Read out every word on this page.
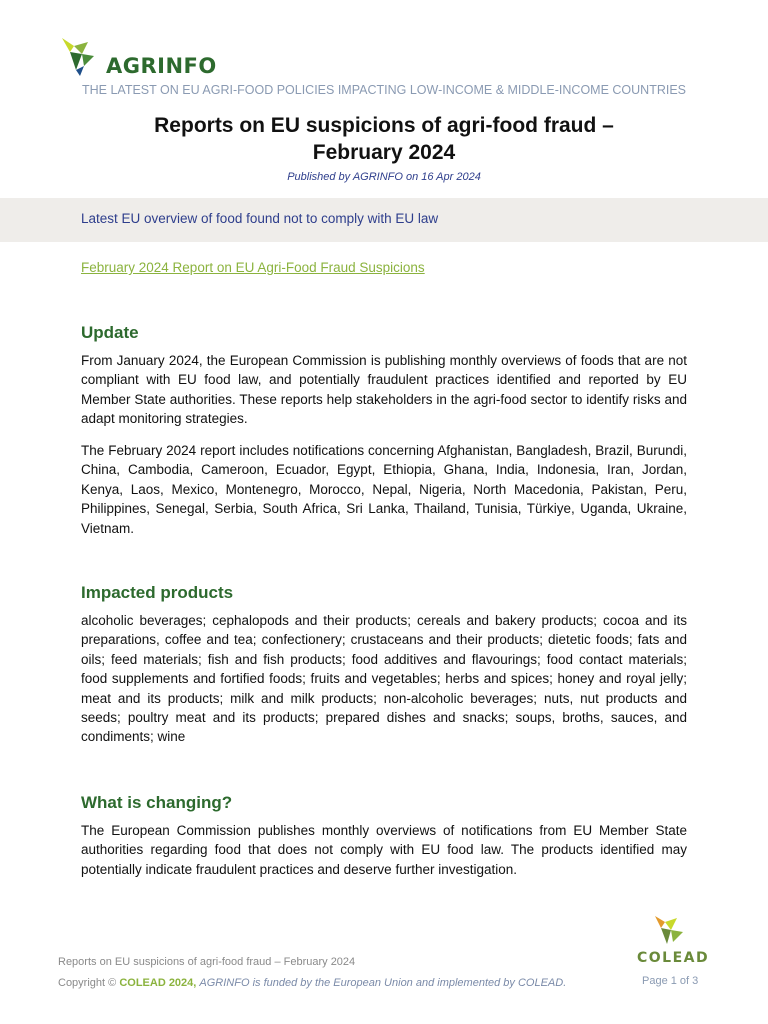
AGRINFO
THE LATEST ON EU AGRI-FOOD POLICIES IMPACTING LOW-INCOME & MIDDLE-INCOME COUNTRIES
Reports on EU suspicions of agri-food fraud –
February 2024
Published by AGRINFO on 16 Apr 2024
Latest EU overview of food found not to comply with EU law
February 2024 Report on EU Agri-Food Fraud Suspicions
Update

From January 2024, the European Commission is publishing monthly overviews of foods that are not compliant with EU food law, and potentially fraudulent practices identified and reported by EU Member State authorities. These reports help stakeholders in the agri-food sector to identify risks and adapt monitoring strategies.

The February 2024 report includes notifications concerning Afghanistan, Bangladesh, Brazil, Burundi, China, Cambodia, Cameroon, Ecuador, Egypt, Ethiopia, Ghana, India, Indonesia, Iran, Jordan, Kenya, Laos, Mexico, Montenegro, Morocco, Nepal, Nigeria, North Macedonia, Pakistan, Peru, Philippines, Senegal, Serbia, South Africa, Sri Lanka, Thailand, Tunisia, Türkiye, Uganda, Ukraine, Vietnam.

Impacted products

alcoholic beverages; cephalopods and their products; cereals and bakery products; cocoa and its preparations, coffee and tea; confectionery; crustaceans and their products; dietetic foods; fats and oils; feed materials; fish and fish products; food additives and flavourings; food contact materials; food supplements and fortified foods; fruits and vegetables; herbs and spices; honey and royal jelly; meat and its products; milk and milk products; non-alcoholic beverages; nuts, nut products and seeds; poultry meat and its products; prepared dishes and snacks; soups, broths, sauces, and condiments; wine

What is changing?

The European Commission publishes monthly overviews of notifications from EU Member State authorities regarding food that does not comply with EU food law. The products identified may potentially indicate fraudulent practices and deserve further investigation.

Reports on EU suspicions of agri-food fraud – February 2024
Copyright © COLEAD 2024, AGRINFO is funded by the European Union and implemented by COLEAD.
COLEAD
Page 1 of 3
